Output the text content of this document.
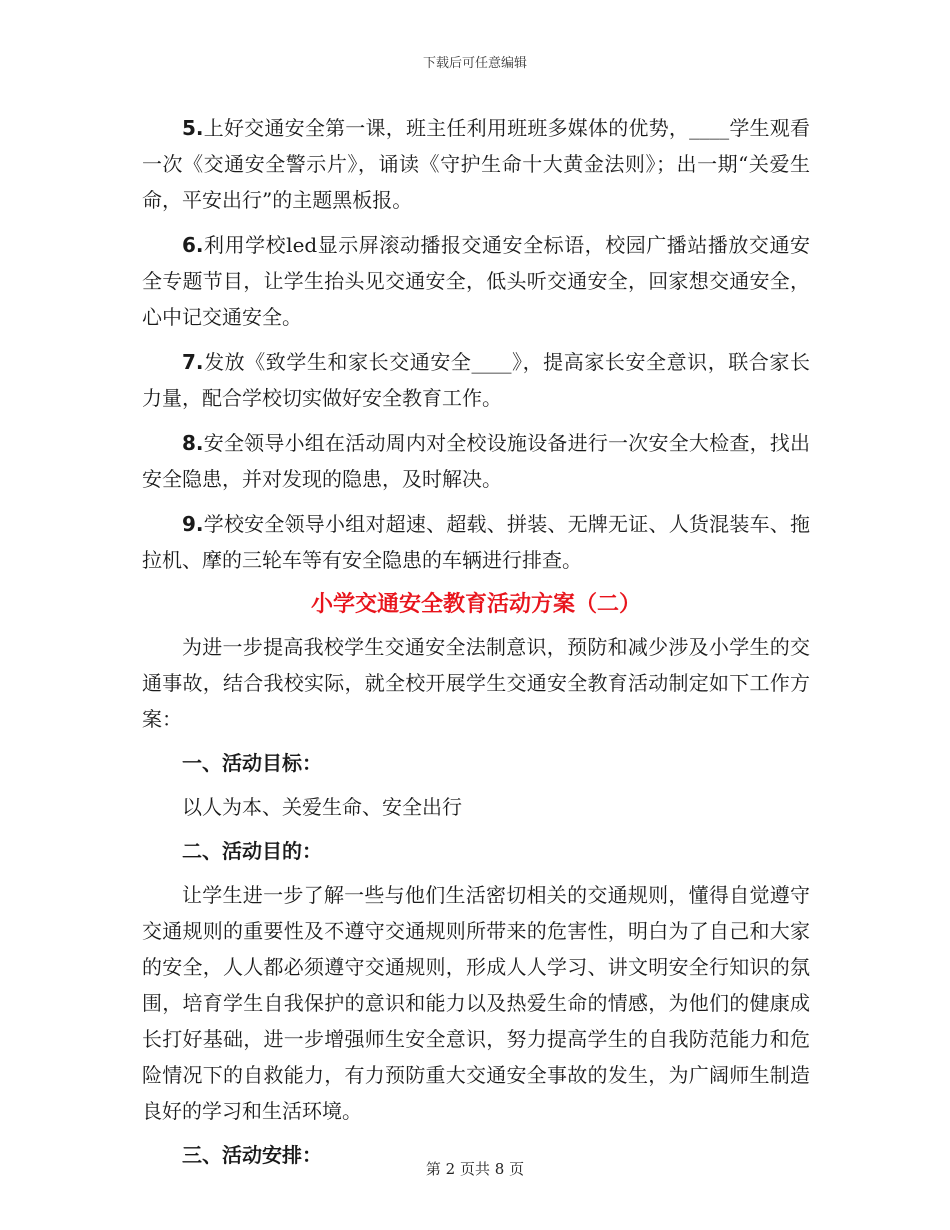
下载后可任意编辑

5.上好交通安全第一课，班主任利用班班多媒体的优势，____学生观看一次《交通安全警示片》，诵读《守护生命十大黄金法则》；出一期“关爱生命，平安出行”的主题黑板报。

6.利用学校led显示屏滚动播报交通安全标语，校园广播站播放交通安全专题节目，让学生抬头见交通安全，低头听交通安全，回家想交通安全，心中记交通安全。

7.发放《致学生和家长交通安全____》，提高家长安全意识，联合家长力量，配合学校切实做好安全教育工作。

8.安全领导小组在活动周内对全校设施设备进行一次安全大检查，找出安全隐患，并对发现的隐患，及时解决。

9.学校安全领导小组对超速、超载、拼装、无牌无证、人货混装车、拖拉机、摩的三轮车等有安全隐患的车辆进行排查。

小学交通安全教育活动方案（二）

为进一步提高我校学生交通安全法制意识，预防和减少涉及小学生的交通事故，结合我校实际，就全校开展学生交通安全教育活动制定如下工作方案：

一、活动目标：

以人为本、关爱生命、安全出行

二、活动目的：

让学生进一步了解一些与他们生活密切相关的交通规则，懂得自觉遵守交通规则的重要性及不遵守交通规则所带来的危害性，明白为了自己和大家的安全，人人都必须遵守交通规则，形成人人学习、讲文明安全行知识的氛围，培育学生自我保护的意识和能力以及热爱生命的情感，为他们的健康成长打好基础，进一步增强师生安全意识，努力提高学生的自我防范能力和危险情况下的自救能力，有力预防重大交通安全事故的发生，为广阔师生制造良好的学习和生活环境。

三、活动安排：
第 2 页共 8 页
